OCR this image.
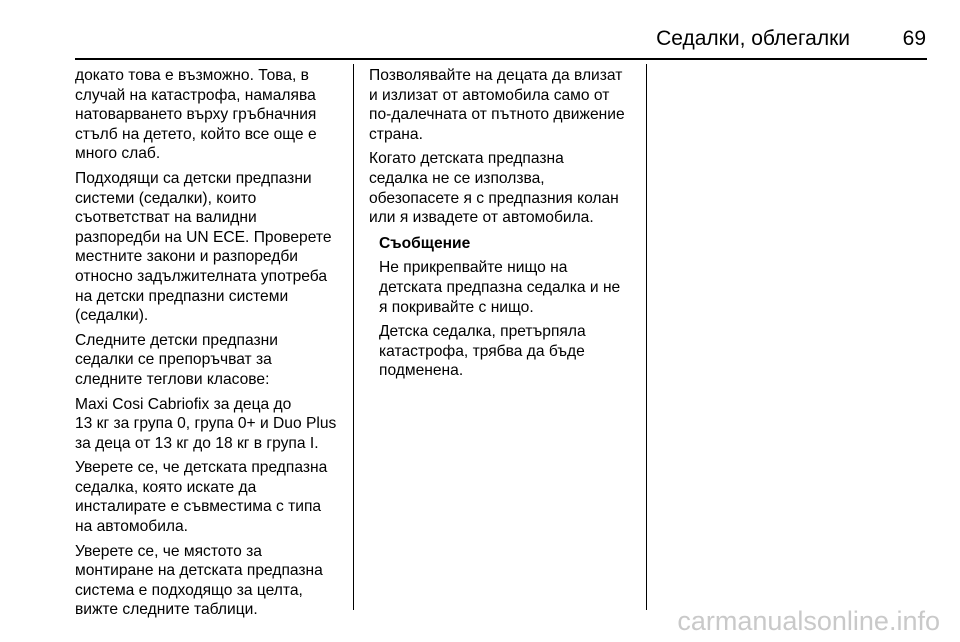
Седалки, облегалки	69

докато това е възможно. Това, в
случай на катастрофа, намалява
натоварването върху гръбначния
стълб на детето, който все още е
много слаб.

Подходящи са детски предпазни
системи (седалки), които
съответстват на валидни
разпоредби на UN ECE. Проверете
местните закони и разпоредби
относно задължителната употреба
на детски предпазни системи
(седалки).

Следните детски предпазни
седалки се препоръчват за
следните теглови класове:

Maxi Cosi Cabriofix за деца до
13 кг за група 0, група 0+ и Duo Plus
за деца от 13 кг до 18 кг в група I.

Уверете се, че детската предпазна
седалка, която искате да
инсталирате е съвместима с типа
на автомобила.

Уверете се, че мястото за
монтиране на детската предпазна
система е подходящо за целта,
вижте следните таблици.

Позволявайте на децата да влизат
и излизат от автомобила само от
по-далечната от пътното движение
страна.

Когато детската предпазна
седалка не се използва,
обезопасете я с предпазния колан
или я извадете от автомобила.

Съобщение

Не прикрепвайте нищо на
детската предпазна седалка и не
я покривайте с нищо.

Детска седалка, претърпяла
катастрофа, трябва да бъде
подменена.

carmanualsonline.info
